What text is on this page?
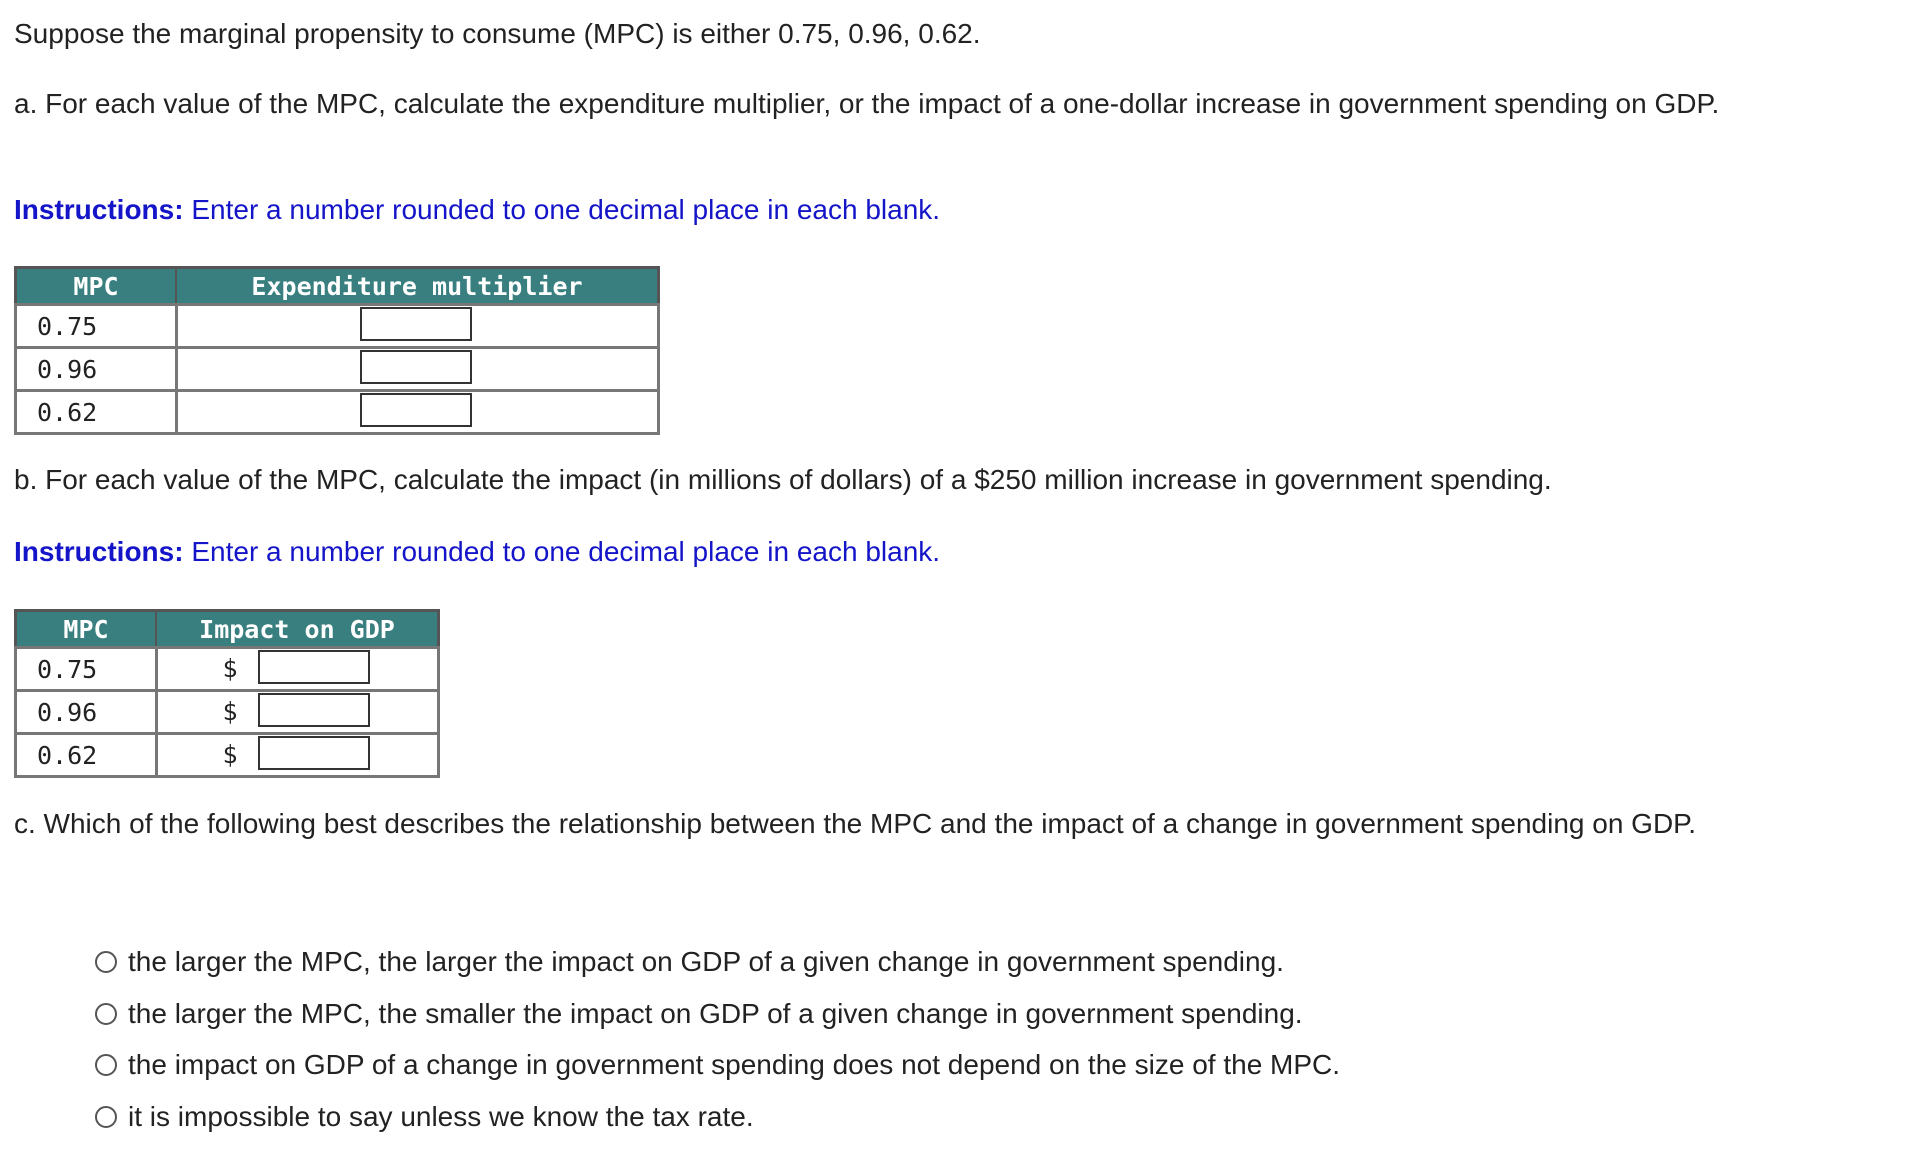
Suppose the marginal propensity to consume (MPC) is either 0.75, 0.96, 0.62.

a. For each value of the MPC, calculate the expenditure multiplier, or the impact of a one-dollar increase in government spending on GDP.

Instructions: Enter a number rounded to one decimal place in each blank.

MPC	Expenditure multiplier
0.75	

0.96	

0.62	

b. For each value of the MPC, calculate the impact (in millions of dollars) of a $250 million increase in government spending.

Instructions: Enter a number rounded to one decimal place in each blank.

MPC	Impact on GDP
0.75	$

0.96	$

0.62	$

c. Which of the following best describes the relationship between the MPC and the impact of a change in government spending on GDP.

the larger the MPC, the larger the impact on GDP of a given change in government spending.
the larger the MPC, the smaller the impact on GDP of a given change in government spending.
the impact on GDP of a change in government spending does not depend on the size of the MPC.
it is impossible to say unless we know the tax rate.
